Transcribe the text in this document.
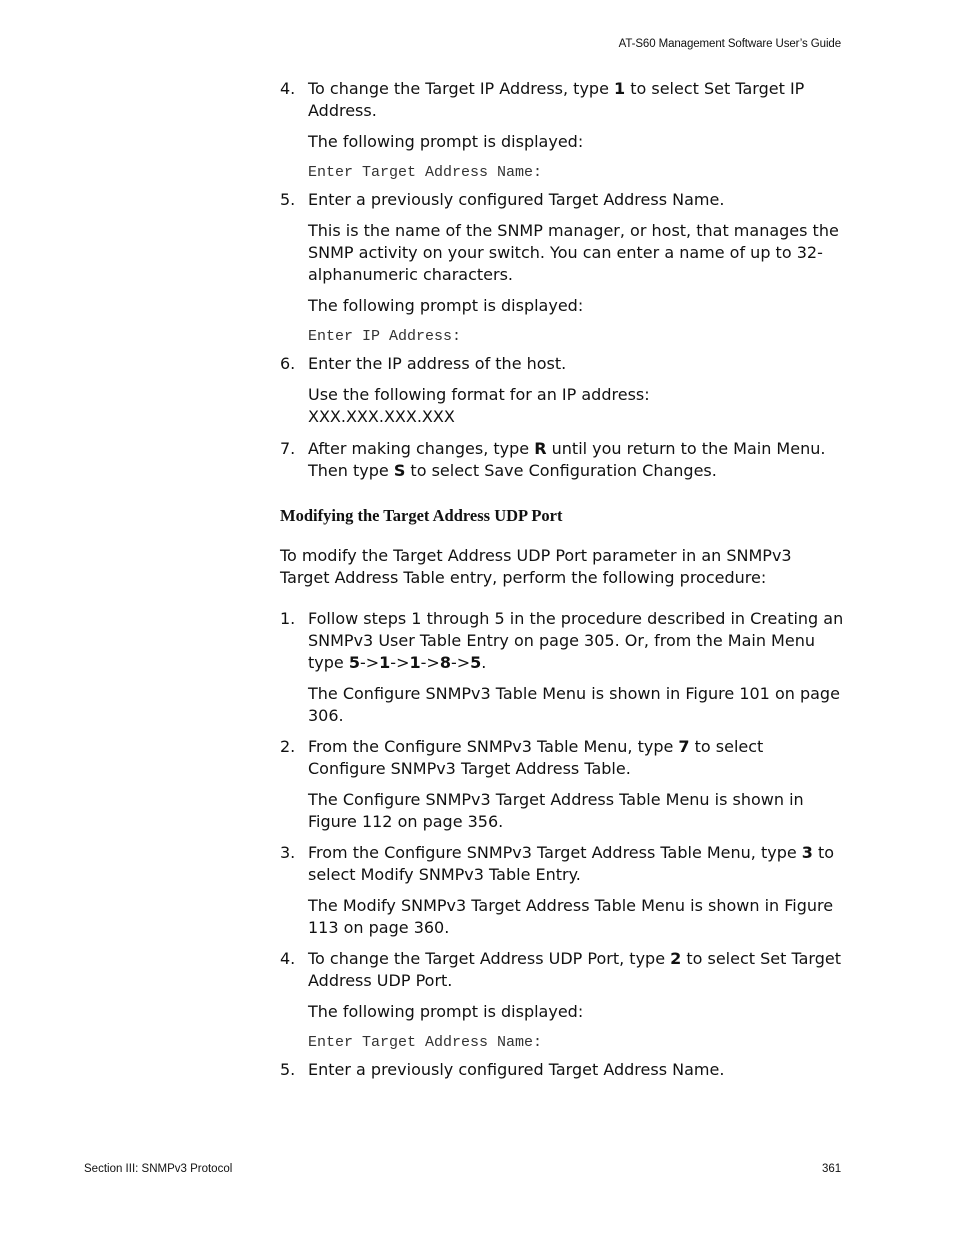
AT-S60 Management Software User’s Guide
4. To change the Target IP Address, type 1 to select Set Target IP Address.
The following prompt is displayed:
Enter Target Address Name:
5. Enter a previously configured Target Address Name.
This is the name of the SNMP manager, or host, that manages the SNMP activity on your switch. You can enter a name of up to 32-alphanumeric characters.
The following prompt is displayed:
Enter IP Address:
6. Enter the IP address of the host.
Use the following format for an IP address:
XXX.XXX.XXX.XXX
7. After making changes, type R until you return to the Main Menu. Then type S to select Save Configuration Changes.
Modifying the Target Address UDP Port
To modify the Target Address UDP Port parameter in an SNMPv3 Target Address Table entry, perform the following procedure:
1. Follow steps 1 through 5 in the procedure described in Creating an SNMPv3 User Table Entry on page 305. Or, from the Main Menu type 5->1->1->8->5.
The Configure SNMPv3 Table Menu is shown in Figure 101 on page 306.
2. From the Configure SNMPv3 Table Menu, type 7 to select Configure SNMPv3 Target Address Table.
The Configure SNMPv3 Target Address Table Menu is shown in Figure 112 on page 356.
3. From the Configure SNMPv3 Target Address Table Menu, type 3 to select Modify SNMPv3 Table Entry.
The Modify SNMPv3 Target Address Table Menu is shown in Figure 113 on page 360.
4. To change the Target Address UDP Port, type 2 to select Set Target Address UDP Port.
The following prompt is displayed:
Enter Target Address Name:
5. Enter a previously configured Target Address Name.
Section III: SNMPv3 Protocol	361
